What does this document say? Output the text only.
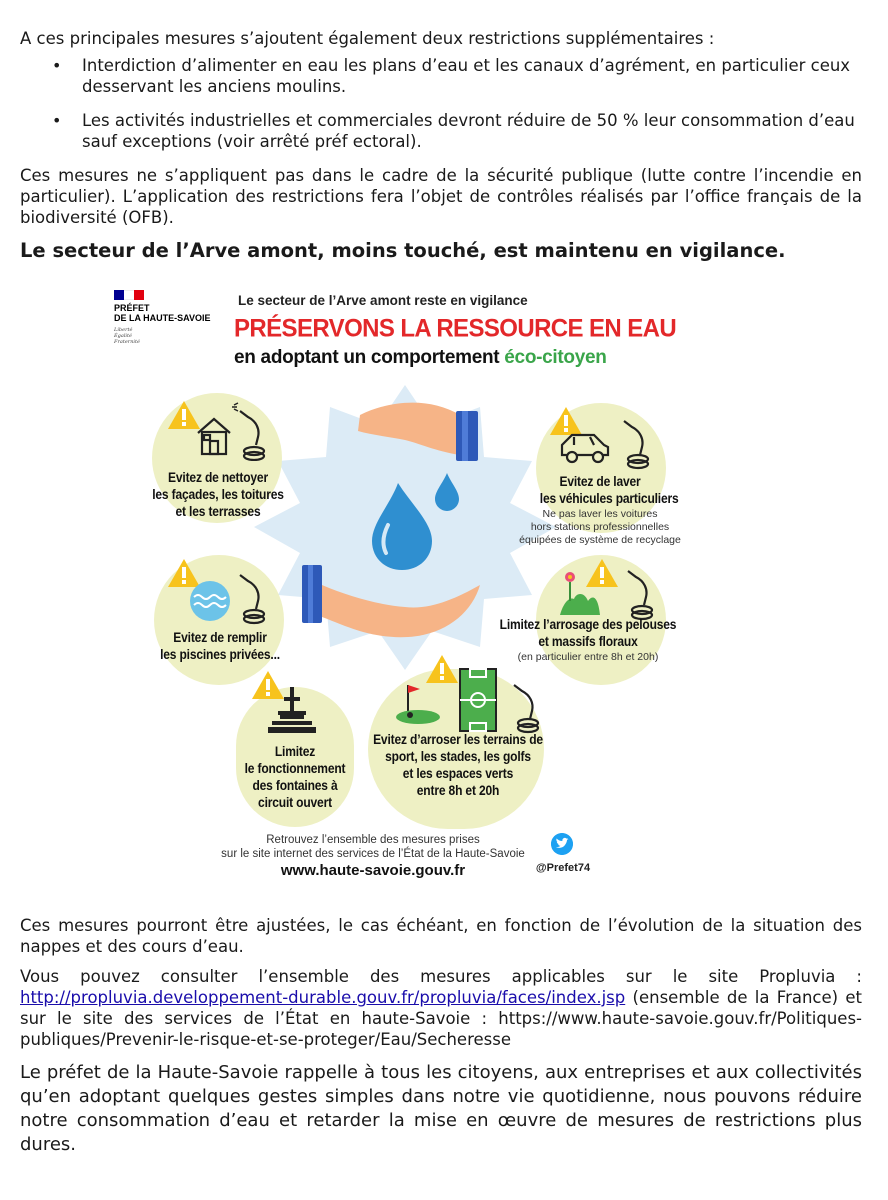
A ces principales mesures s’ajoutent également deux restrictions supplémentaires :

• Interdiction d’alimenter en eau les plans d’eau et les canaux d’agrément, en particulier ceux desservant les anciens moulins.
• Les activités industrielles et commerciales devront réduire de 50 % leur consommation d’eau sauf exceptions (voir arrêté préf ectoral).

Ces mesures ne s’appliquent pas dans le cadre de la sécurité publique (lutte contre l’incendie en particulier). L’application des restrictions fera l’objet de contrôles réalisés par l’office français de la biodiversité (OFB).

Le secteur de l’Arve amont, moins touché, est maintenu en vigilance.
PRÉFET
DE LA HAUTE-SAVOIE
Liberté
Égalité
Fraternité
Le secteur de l’Arve amont reste en vigilance
PRÉSERVONS LA RESSOURCE EN EAU
en adoptant un comportement éco-citoyen
Evitez de nettoyer
les façades, les toitures
et les terrasses
Evitez de laver
les véhicules particuliers
Ne pas laver les voitures
hors stations professionnelles
équipées de système de recyclage
Evitez de remplir
les piscines privées...
Limitez l’arrosage des pelouses
et massifs floraux
(en particulier entre 8h et 20h)
Limitez
le fonctionnement
des fontaines à
circuit ouvert
Evitez d’arroser les terrains de
sport, les stades, les golfs
et les espaces verts
entre 8h et 20h
Retrouvez l’ensemble des mesures prises
sur le site internet des services de l’État de la Haute-Savoie
www.haute-savoie.gouv.fr	@Prefet74

Ces mesures pourront être ajustées, le cas échéant, en fonction de l’évolution de la situation des nappes et des cours d’eau.

Vous pouvez consulter l’ensemble des mesures applicables sur le site Propluvia : http://propluvia.developpement-durable.gouv.fr/propluvia/faces/index.jsp (ensemble de la France) et sur le site des services de l’État en haute-Savoie : https://www.haute-savoie.gouv.fr/Politiques-publiques/Prevenir-le-risque-et-se-proteger/Eau/Secheresse

Le préfet de la Haute-Savoie rappelle à tous les citoyens, aux entreprises et aux collectivités qu’en adoptant quelques gestes simples dans notre vie quotidienne, nous pouvons réduire notre consommation d’eau et retarder la mise en œuvre de mesures de restrictions plus dures.
